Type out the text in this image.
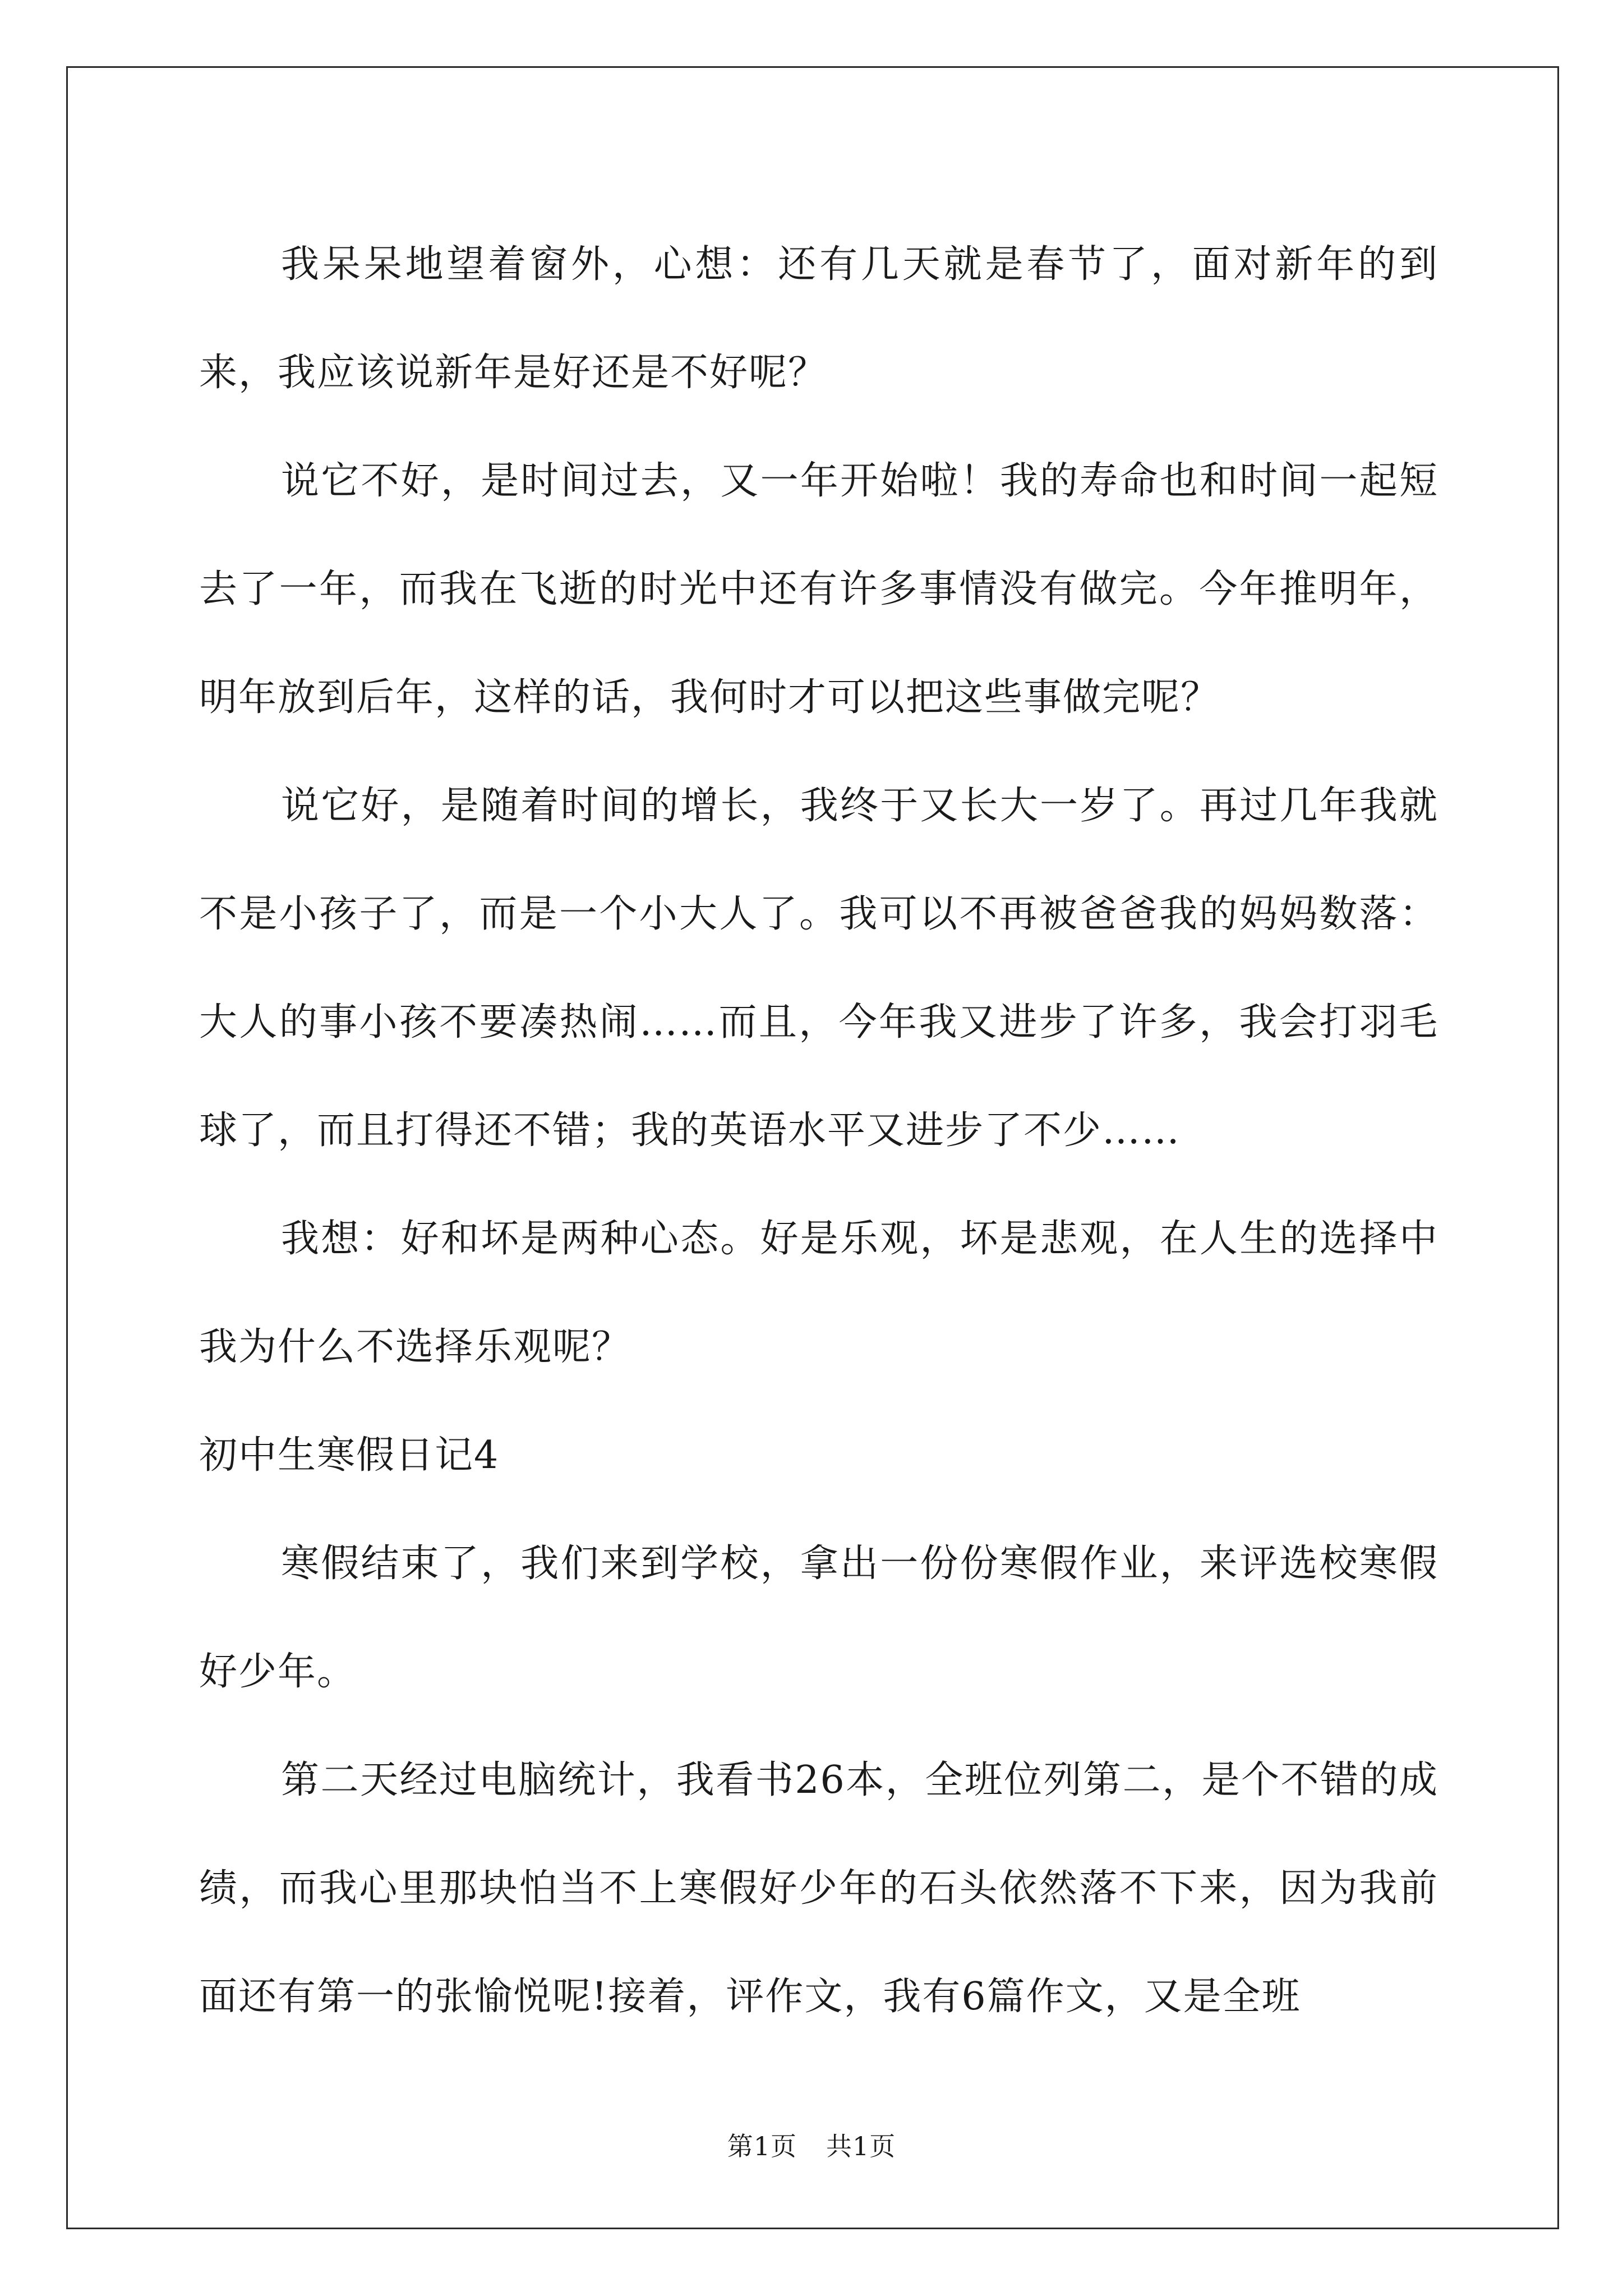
我呆呆地望着窗外，心想：还有几天就是春节了，面对新年的到来，我应该说新年是好还是不好呢？

说它不好，是时间过去，又一年开始啦！我的寿命也和时间一起短去了一年，而我在飞逝的时光中还有许多事情没有做完。今年推明年，明年放到后年，这样的话，我何时才可以把这些事做完呢？

说它好，是随着时间的增长，我终于又长大一岁了。再过几年我就不是小孩子了，而是一个小大人了。我可以不再被爸爸我的妈妈数落：大人的事小孩不要凑热闹……而且，今年我又进步了许多，我会打羽毛球了，而且打得还不错；我的英语水平又进步了不少……

我想：好和坏是两种心态。好是乐观，坏是悲观，在人生的选择中我为什么不选择乐观呢？

初中生寒假日记4

寒假结束了，我们来到学校，拿出一份份寒假作业，来评选校寒假好少年。

第二天经过电脑统计，我看书26本，全班位列第二，是个不错的成绩，而我心里那块怕当不上寒假好少年的石头依然落不下来，因为我前面还有第一的张愉悦呢!接着，评作文，我有6篇作文，又是全班

第1页 共1页
